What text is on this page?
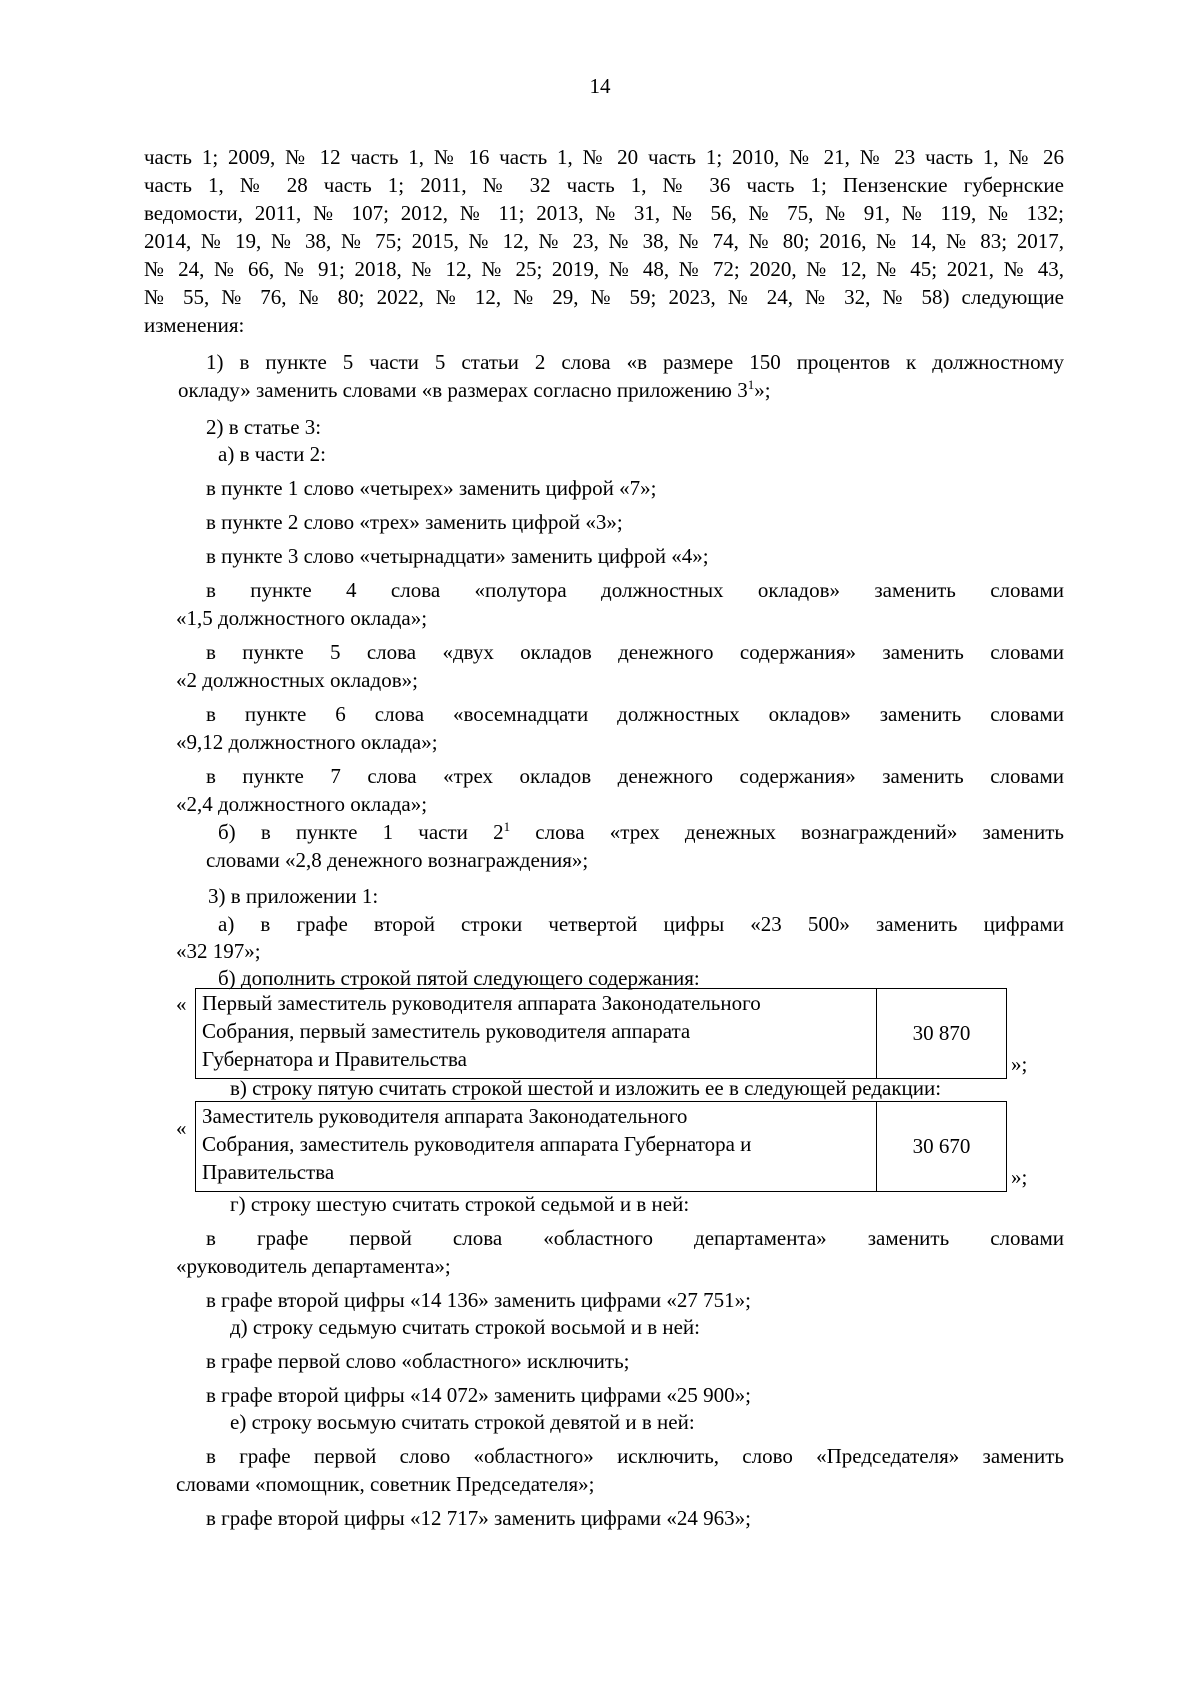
14
часть 1; 2009, № 12 часть 1, № 16 часть 1, № 20 часть 1; 2010, № 21, № 23 часть 1, № 26
часть 1, № 28 часть 1; 2011, № 32 часть 1, № 36 часть 1; Пензенские губернские
ведомости, 2011, № 107; 2012, № 11; 2013, № 31, № 56, № 75, № 91, № 119, № 132;
2014, № 19, № 38, № 75; 2015, № 12, № 23, № 38, № 74, № 80; 2016, № 14, № 83; 2017,
№ 24, № 66, № 91; 2018, № 12, № 25; 2019, № 48, № 72; 2020, № 12, № 45; 2021, № 43,
№ 55, № 76, № 80; 2022, № 12, № 29, № 59; 2023, № 24, № 32, № 58) следующие
изменения:
1) в пункте 5 части 5 статьи 2 слова «в размере 150 процентов к должностному
окладу» заменить словами «в размерах согласно приложению $3^1$»;
2) в статье 3:
а) в части 2:
в пункте 1 слово «четырех» заменить цифрой «7»;
в пункте 2 слово «трех» заменить цифрой «3»;
в пункте 3 слово «четырнадцати» заменить цифрой «4»;
в пункте 4 слова «полутора должностных окладов» заменить словами
«1,5 должностного оклада»;
в пункте 5 слова «двух окладов денежного содержания» заменить словами
«2 должностных окладов»;
в пункте 6 слова «восемнадцати должностных окладов» заменить словами
«9,12 должностного оклада»;
в пункте 7 слова «трех окладов денежного содержания» заменить словами
«2,4 должностного оклада»;
б) в пункте 1 части $2^1$ слова «трех денежных вознаграждений» заменить
словами «2,8 денежного вознаграждения»;
3) в приложении 1:
а) в графе второй строки четвертой цифры «23 500» заменить цифрами
«32 197»;
б) дополнить строкой пятой следующего содержания:
« Первый заместитель руководителя аппарата Законодательного
Собрания, первый заместитель руководителя аппарата
Губернатора и Правительства
30 870
»;
в) строку пятую считать строкой шестой и изложить ее в следующей редакции:
« Заместитель руководителя аппарата Законодательного
Собрания, заместитель руководителя аппарата Губернатора и
Правительства
30 670
»;
г) строку шестую считать строкой седьмой и в ней:
в графе первой слова «областного департамента» заменить словами
«руководитель департамента»;
в графе второй цифры «14 136» заменить цифрами «27 751»;
д) строку седьмую считать строкой восьмой и в ней:
в графе первой слово «областного» исключить;
в графе второй цифры «14 072» заменить цифрами «25 900»;
е) строку восьмую считать строкой девятой и в ней:
в графе первой слово «областного» исключить, слово «Председателя» заменить
словами «помощник, советник Председателя»;
в графе второй цифры «12 717» заменить цифрами «24 963»;
